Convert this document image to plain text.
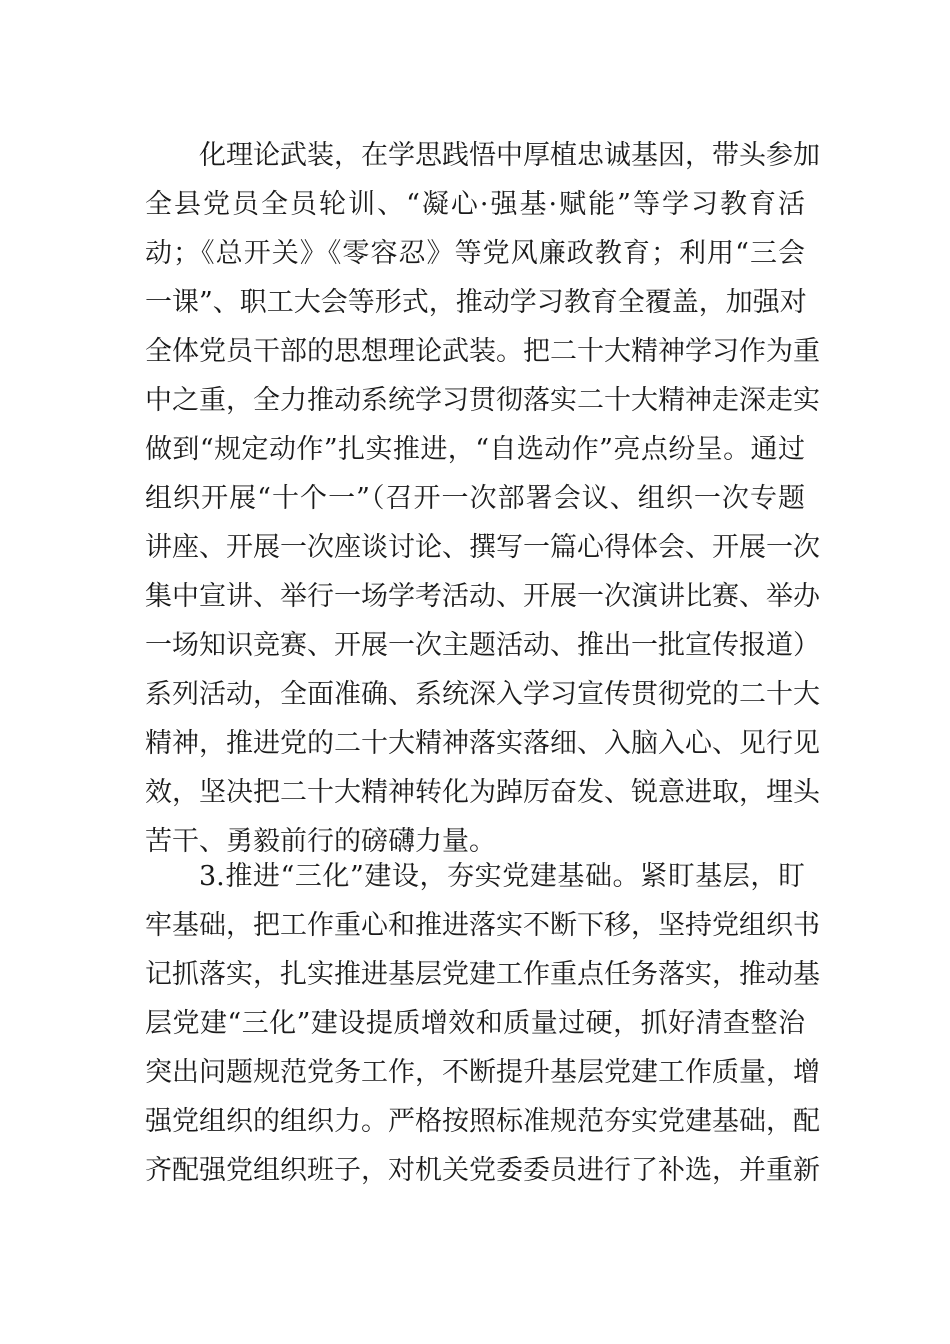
化理论武装，在学思践悟中厚植忠诚基因，带头参加
全县党员全员轮训、“凝心·强基·赋能”等学习教育活
动；《总开关》《零容忍》等党风廉政教育；利用“三会
一课”、职工大会等形式，推动学习教育全覆盖，加强对
全体党员干部的思想理论武装。把二十大精神学习作为重
中之重，全力推动系统学习贯彻落实二十大精神走深走实
做到“规定动作”扎实推进，“自选动作”亮点纷呈。通过
组织开展“十个一”（召开一次部署会议、组织一次专题
讲座、开展一次座谈讨论、撰写一篇心得体会、开展一次
集中宣讲、举行一场学考活动、开展一次演讲比赛、举办
一场知识竞赛、开展一次主题活动、推出一批宣传报道）
系列活动，全面准确、系统深入学习宣传贯彻党的二十大
精神，推进党的二十大精神落实落细、入脑入心、见行见
效，坚决把二十大精神转化为踔厉奋发、锐意进取，埋头
苦干、勇毅前行的磅礴力量。
3.推进“三化”建设，夯实党建基础。紧盯基层，盯
牢基础，把工作重心和推进落实不断下移，坚持党组织书
记抓落实，扎实推进基层党建工作重点任务落实，推动基
层党建“三化”建设提质增效和质量过硬，抓好清查整治
突出问题规范党务工作，不断提升基层党建工作质量，增
强党组织的组织力。严格按照标准规范夯实党建基础，配
齐配强党组织班子，对机关党委委员进行了补选，并重新
